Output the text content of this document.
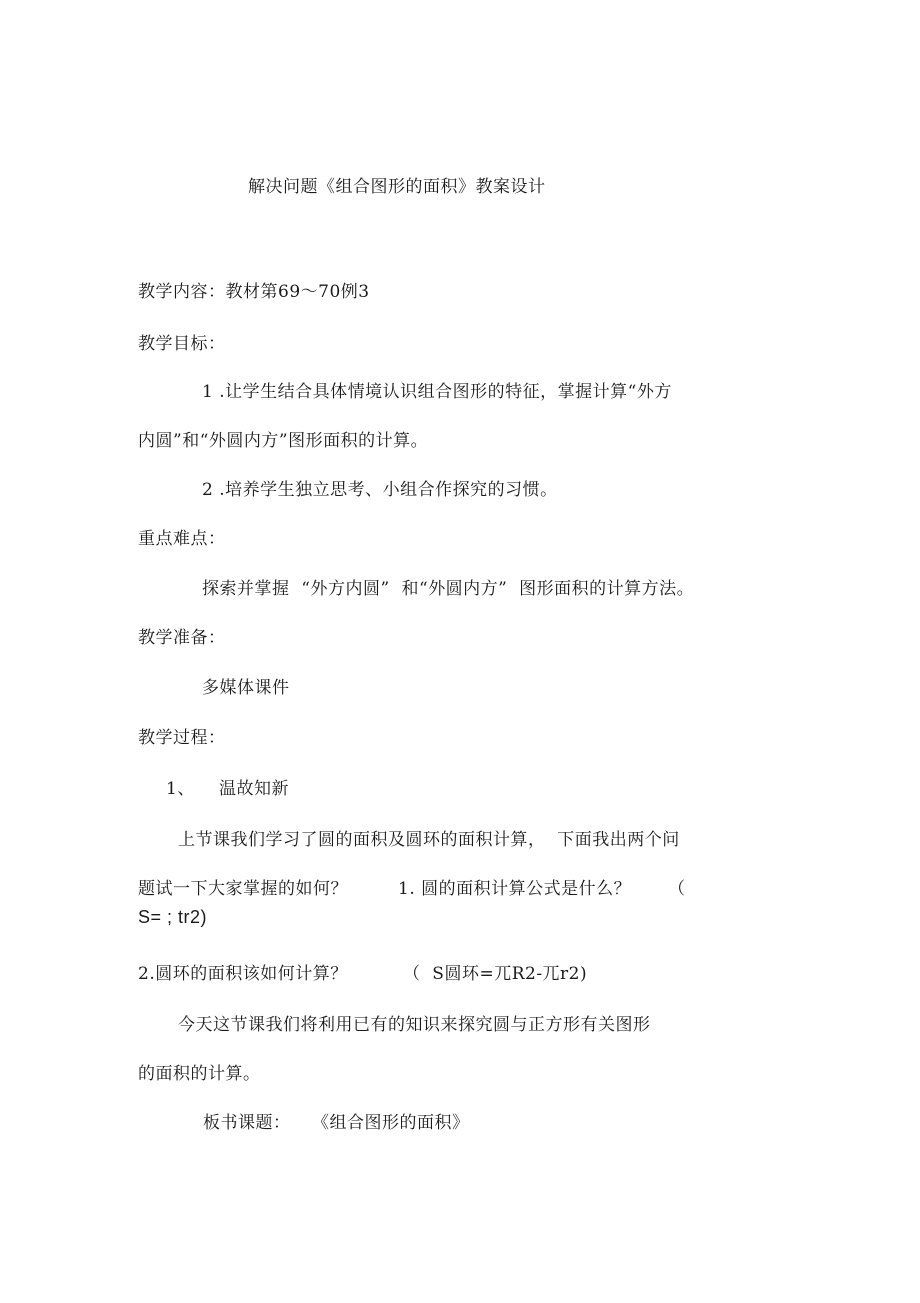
解决问题《组合图形的面积》教案设计
教学内容：教材第69〜70例3
教学目标：
1 .让学生结合具体情境认识组合图形的特征，掌握计算“外方
内圆”和“外圆内方”图形面积的计算。
2 .培养学生独立思考、小组合作探究的习惯。
重点难点：
探索并掌握  “外方内圆”  和“外圆内方”  图形面积的计算方法。
教学准备：
多媒体课件
教学过程：
1、 温故知新
上节课我们学习了圆的面积及圆环的面积计算，  下面我出两个问
题试一下大家掌握的如何？	1. 圆的面积计算公式是什么？ （
S= ; tr2)
2.圆环的面积该如何计算？	（  S圆环=兀R2-兀r2)
今天这节课我们将利用已有的知识来探究圆与正方形有关图形
的面积的计算。
板书课题： 《组合图形的面积》
